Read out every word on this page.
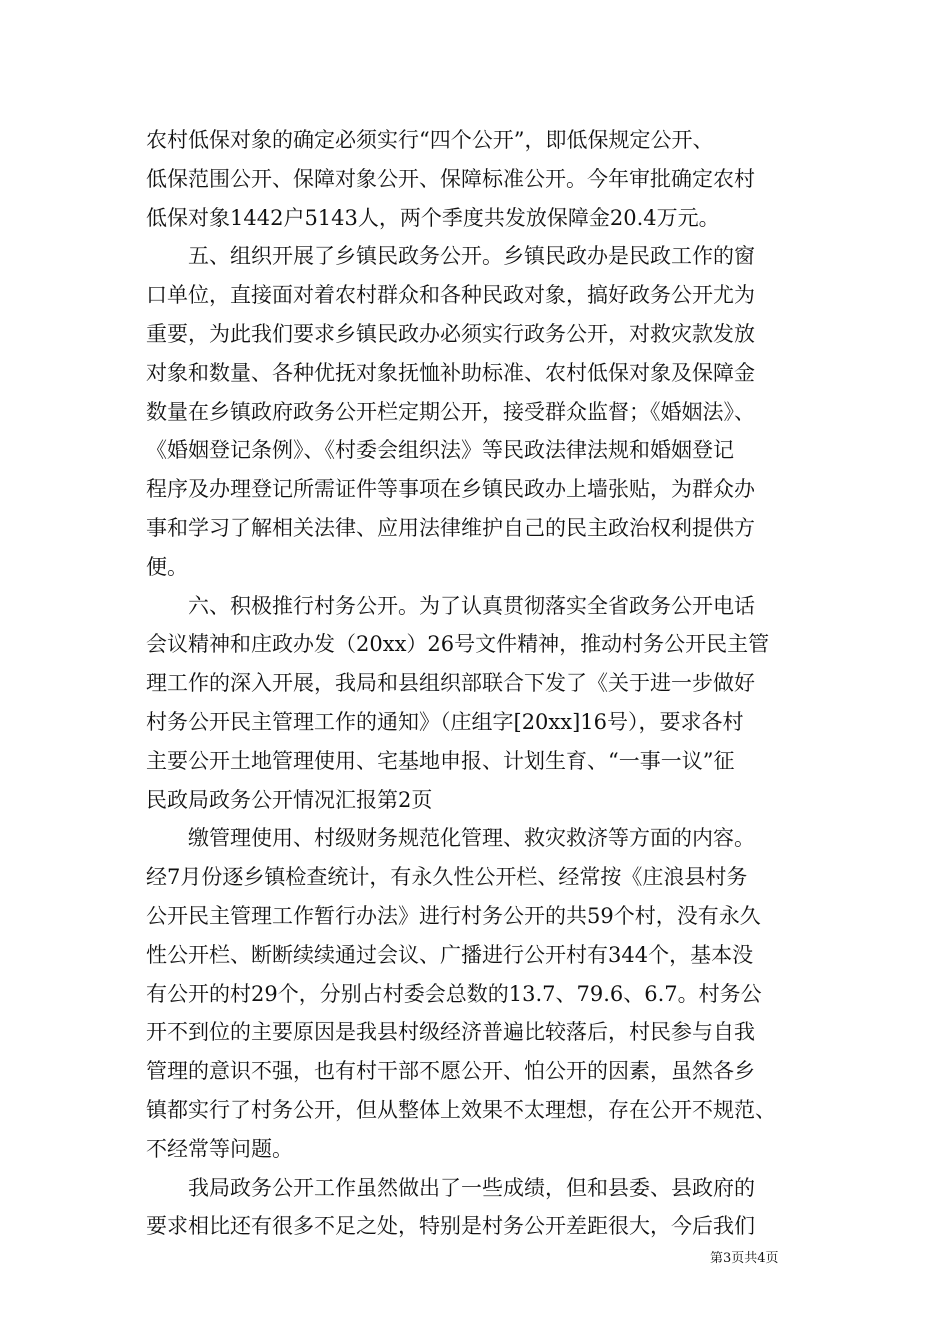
农村低保对象的确定必须实行“四个公开”，即低保规定公开、
低保范围公开、保障对象公开、保障标准公开。今年审批确定农村
低保对象1442户5143人，两个季度共发放保障金20.4万元。
五、组织开展了乡镇民政务公开。乡镇民政办是民政工作的窗
口单位，直接面对着农村群众和各种民政对象，搞好政务公开尤为
重要，为此我们要求乡镇民政办必须实行政务公开，对救灾款发放
对象和数量、各种优抚对象抚恤补助标准、农村低保对象及保障金
数量在乡镇政府政务公开栏定期公开，接受群众监督；《婚姻法》、
《婚姻登记条例》、《村委会组织法》等民政法律法规和婚姻登记
程序及办理登记所需证件等事项在乡镇民政办上墙张贴，为群众办
事和学习了解相关法律、应用法律维护自己的民主政治权利提供方
便。
六、积极推行村务公开。为了认真贯彻落实全省政务公开电话
会议精神和庄政办发（20xx）26号文件精神，推动村务公开民主管
理工作的深入开展，我局和县组织部联合下发了《关于进一步做好
村务公开民主管理工作的通知》（庄组字[20xx]16号），要求各村
主要公开土地管理使用、宅基地申报、计划生育、“一事一议”征
民政局政务公开情况汇报第2页
缴管理使用、村级财务规范化管理、救灾救济等方面的内容。
经7月份逐乡镇检查统计，有永久性公开栏、经常按《庄浪县村务
公开民主管理工作暂行办法》进行村务公开的共59个村，没有永久
性公开栏、断断续续通过会议、广播进行公开村有344个，基本没
有公开的村29个，分别占村委会总数的13.7、79.6、6.7。村务公
开不到位的主要原因是我县村级经济普遍比较落后，村民参与自我
管理的意识不强，也有村干部不愿公开、怕公开的因素，虽然各乡
镇都实行了村务公开，但从整体上效果不太理想，存在公开不规范、
不经常等问题。
我局政务公开工作虽然做出了一些成绩，但和县委、县政府的
要求相比还有很多不足之处，特别是村务公开差距很大，今后我们
第3页共4页
